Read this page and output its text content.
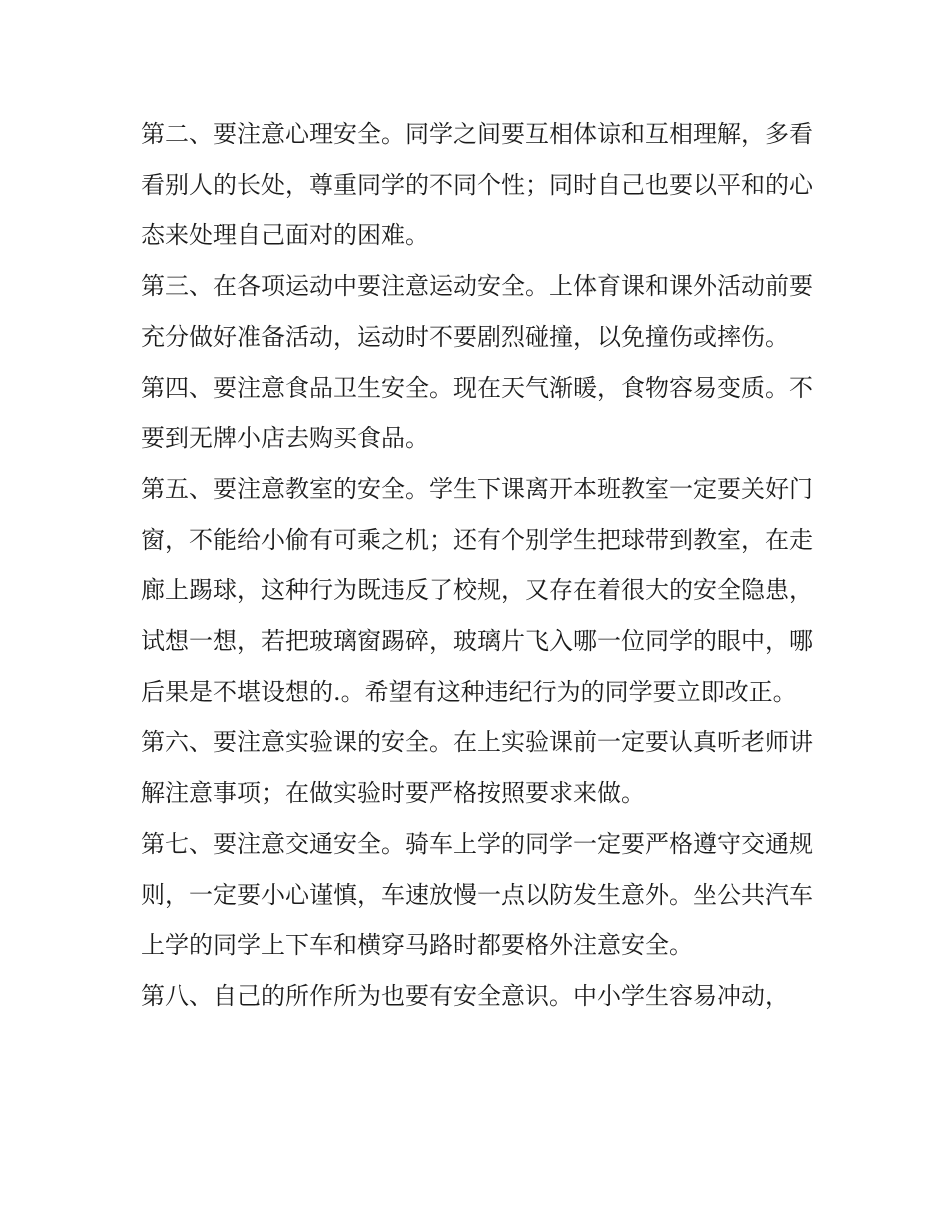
第二、要注意心理安全。同学之间要互相体谅和互相理解，多看看别人的长处，尊重同学的不同个性；同时自己也要以平和的心态来处理自己面对的困难。

第三、在各项运动中要注意运动安全。上体育课和课外活动前要充分做好准备活动，运动时不要剧烈碰撞，以免撞伤或摔伤。

第四、要注意食品卫生安全。现在天气渐暖，食物容易变质。不要到无牌小店去购买食品。

第五、要注意教室的安全。学生下课离开本班教室一定要关好门窗，不能给小偷有可乘之机；还有个别学生把球带到教室，在走廊上踢球，这种行为既违反了校规，又存在着很大的安全隐患，试想一想，若把玻璃窗踢碎，玻璃片飞入哪一位同学的眼中，哪后果是不堪设想的.。希望有这种违纪行为的同学要立即改正。

第六、要注意实验课的安全。在上实验课前一定要认真听老师讲解注意事项；在做实验时要严格按照要求来做。

第七、要注意交通安全。骑车上学的同学一定要严格遵守交通规则，一定要小心谨慎，车速放慢一点以防发生意外。坐公共汽车上学的同学上下车和横穿马路时都要格外注意安全。

第八、自己的所作所为也要有安全意识。中小学生容易冲动，
